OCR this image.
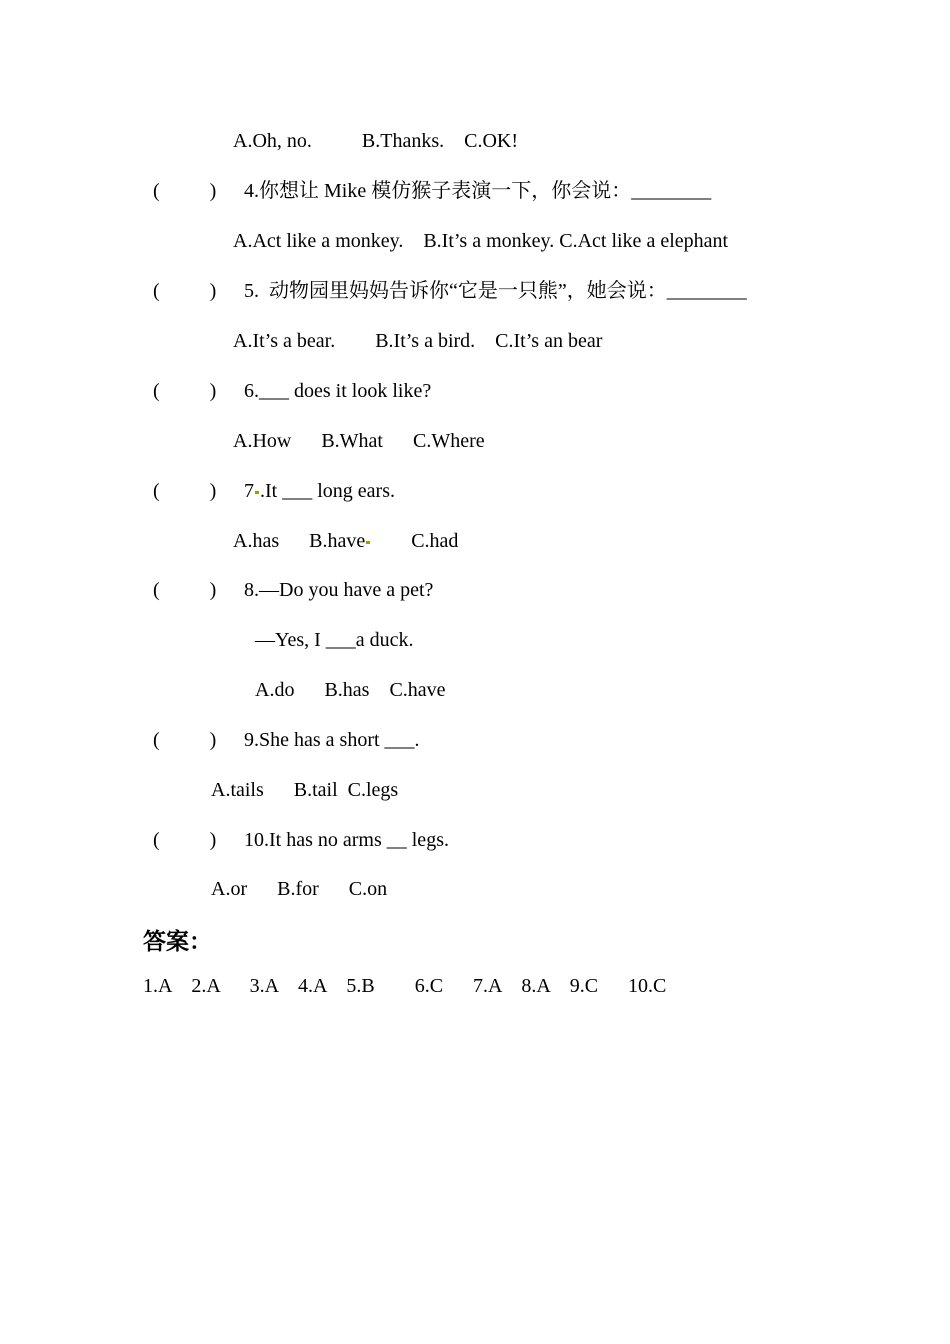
A.Oh, no.          B.Thanks.    C.OK!
(          ) 4.你想让 Mike 模仿猴子表演一下，你会说：________
A.Act like a monkey.    B.It’s a monkey. C.Act like a elephant
(          ) 5.  动物园里妈妈告诉你“它是一只熊”，她会说：________
A.It’s a bear.        B.It’s a bird.    C.It’s an bear
(          ) 6.___ does it look like?
A.How      B.What      C.Where
(          ) 7 .It ___ long ears.
A.has      B.have        C.had
(          ) 8.—Do you have a pet?
—Yes, I ___a duck.
A.do      B.has    C.have
(          ) 9.She has a short ___.
A.tails      B.tail  C.legs
(          ) 10.It has no arms __ legs.
A.or      B.for      C.on
答案：
1.A    2.A      3.A    4.A    5.B        6.C      7.A    8.A    9.C      10.C
